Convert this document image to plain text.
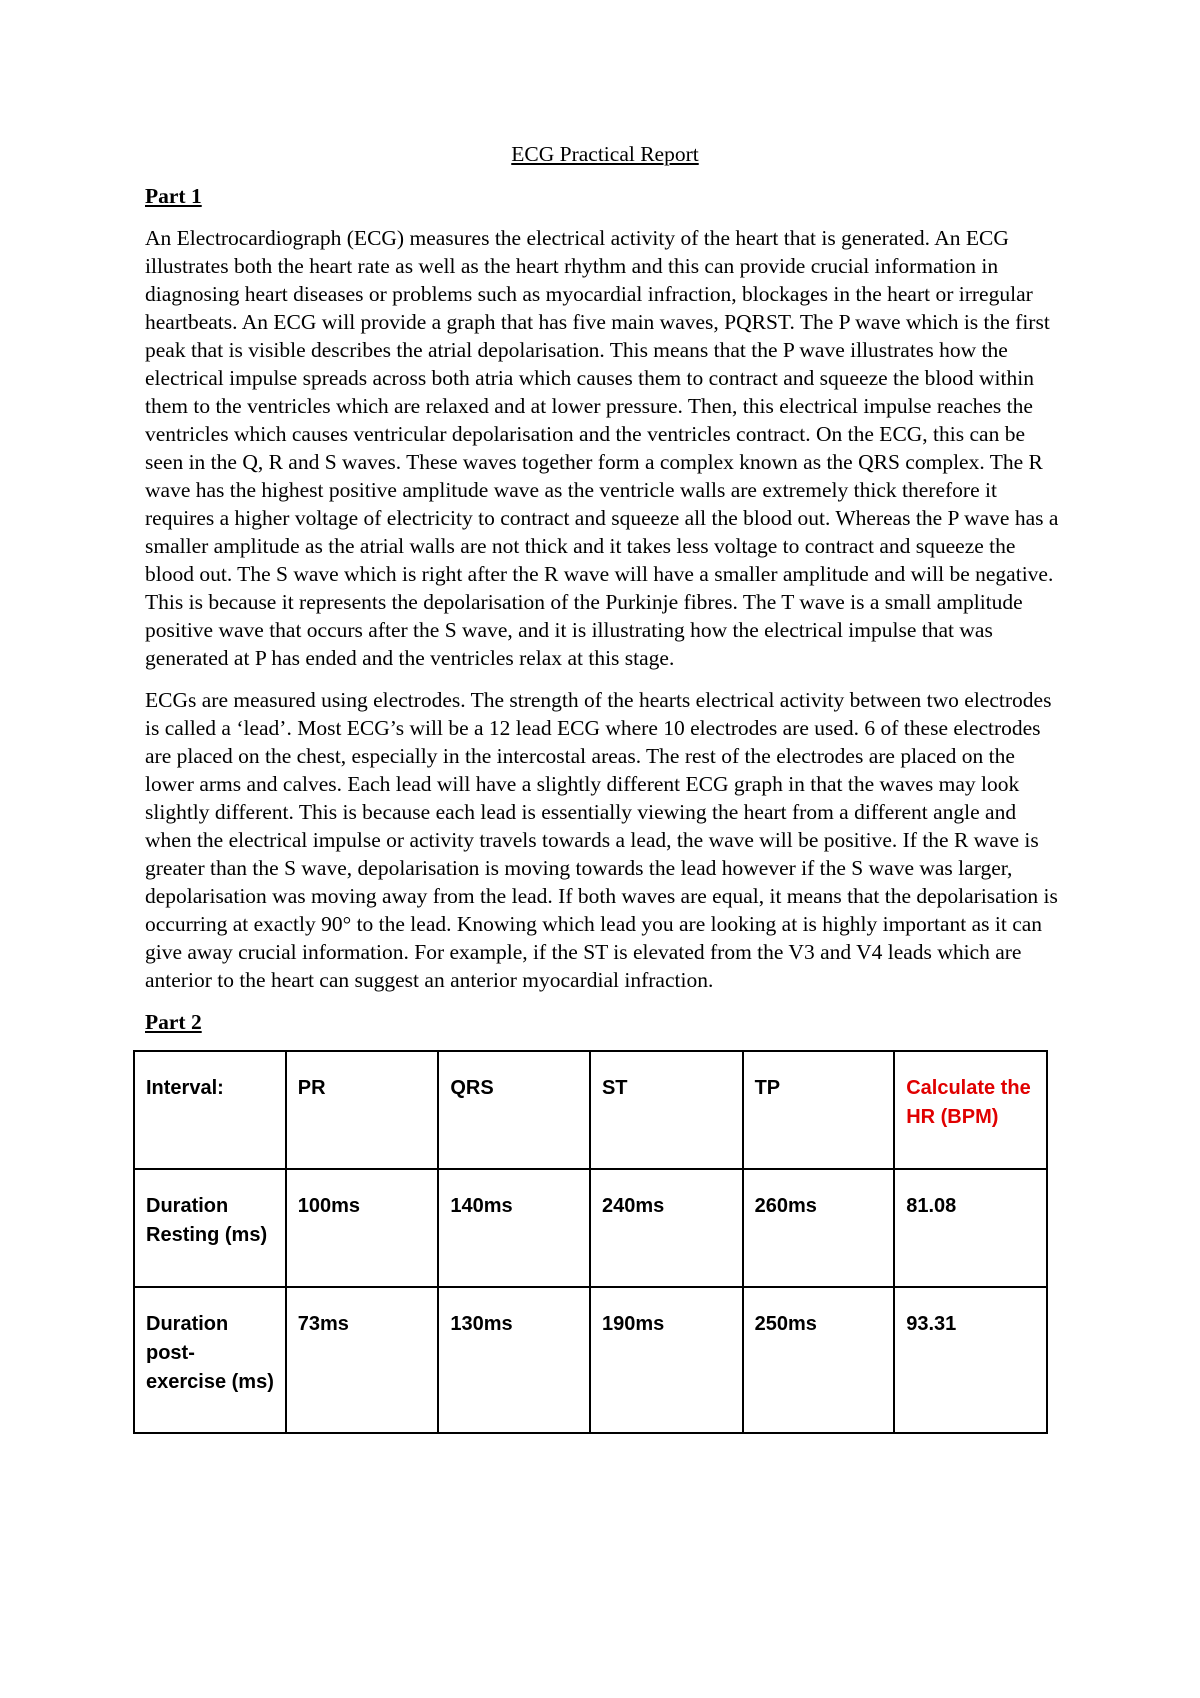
ECG Practical Report
Part 1

An Electrocardiograph (ECG) measures the electrical activity of the heart that is generated. An ECG illustrates both the heart rate as well as the heart rhythm and this can provide crucial information in diagnosing heart diseases or problems such as myocardial infraction, blockages in the heart or irregular heartbeats. An ECG will provide a graph that has five main waves, PQRST. The P wave which is the first peak that is visible describes the atrial depolarisation. This means that the P wave illustrates how the electrical impulse spreads across both atria which causes them to contract and squeeze the blood within them to the ventricles which are relaxed and at lower pressure. Then, this electrical impulse reaches the ventricles which causes ventricular depolarisation and the ventricles contract. On the ECG, this can be seen in the Q, R and S waves. These waves together form a complex known as the QRS complex. The R wave has the highest positive amplitude wave as the ventricle walls are extremely thick therefore it requires a higher voltage of electricity to contract and squeeze all the blood out. Whereas the P wave has a smaller amplitude as the atrial walls are not thick and it takes less voltage to contract and squeeze the blood out. The S wave which is right after the R wave will have a smaller amplitude and will be negative. This is because it represents the depolarisation of the Purkinje fibres. The T wave is a small amplitude positive wave that occurs after the S wave, and it is illustrating how the electrical impulse that was generated at P has ended and the ventricles relax at this stage.

ECGs are measured using electrodes. The strength of the hearts electrical activity between two electrodes is called a ‘lead’. Most ECG’s will be a 12 lead ECG where 10 electrodes are used. 6 of these electrodes are placed on the chest, especially in the intercostal areas. The rest of the electrodes are placed on the lower arms and calves. Each lead will have a slightly different ECG graph in that the waves may look slightly different. This is because each lead is essentially viewing the heart from a different angle and when the electrical impulse or activity travels towards a lead, the wave will be positive. If the R wave is greater than the S wave, depolarisation is moving towards the lead however if the S wave was larger, depolarisation was moving away from the lead. If both waves are equal, it means that the depolarisation is occurring at exactly 90° to the lead. Knowing which lead you are looking at is highly important as it can give away crucial information. For example, if the ST is elevated from the V3 and V4 leads which are anterior to the heart can suggest an anterior myocardial infraction.

Part 2
Interval:	PR	QRS	ST	TP	Calculate the HR (BPM)
Duration Resting (ms)	100ms	140ms	240ms	260ms	81.08
Duration post-exercise (ms)	73ms	130ms	190ms	250ms	93.31
